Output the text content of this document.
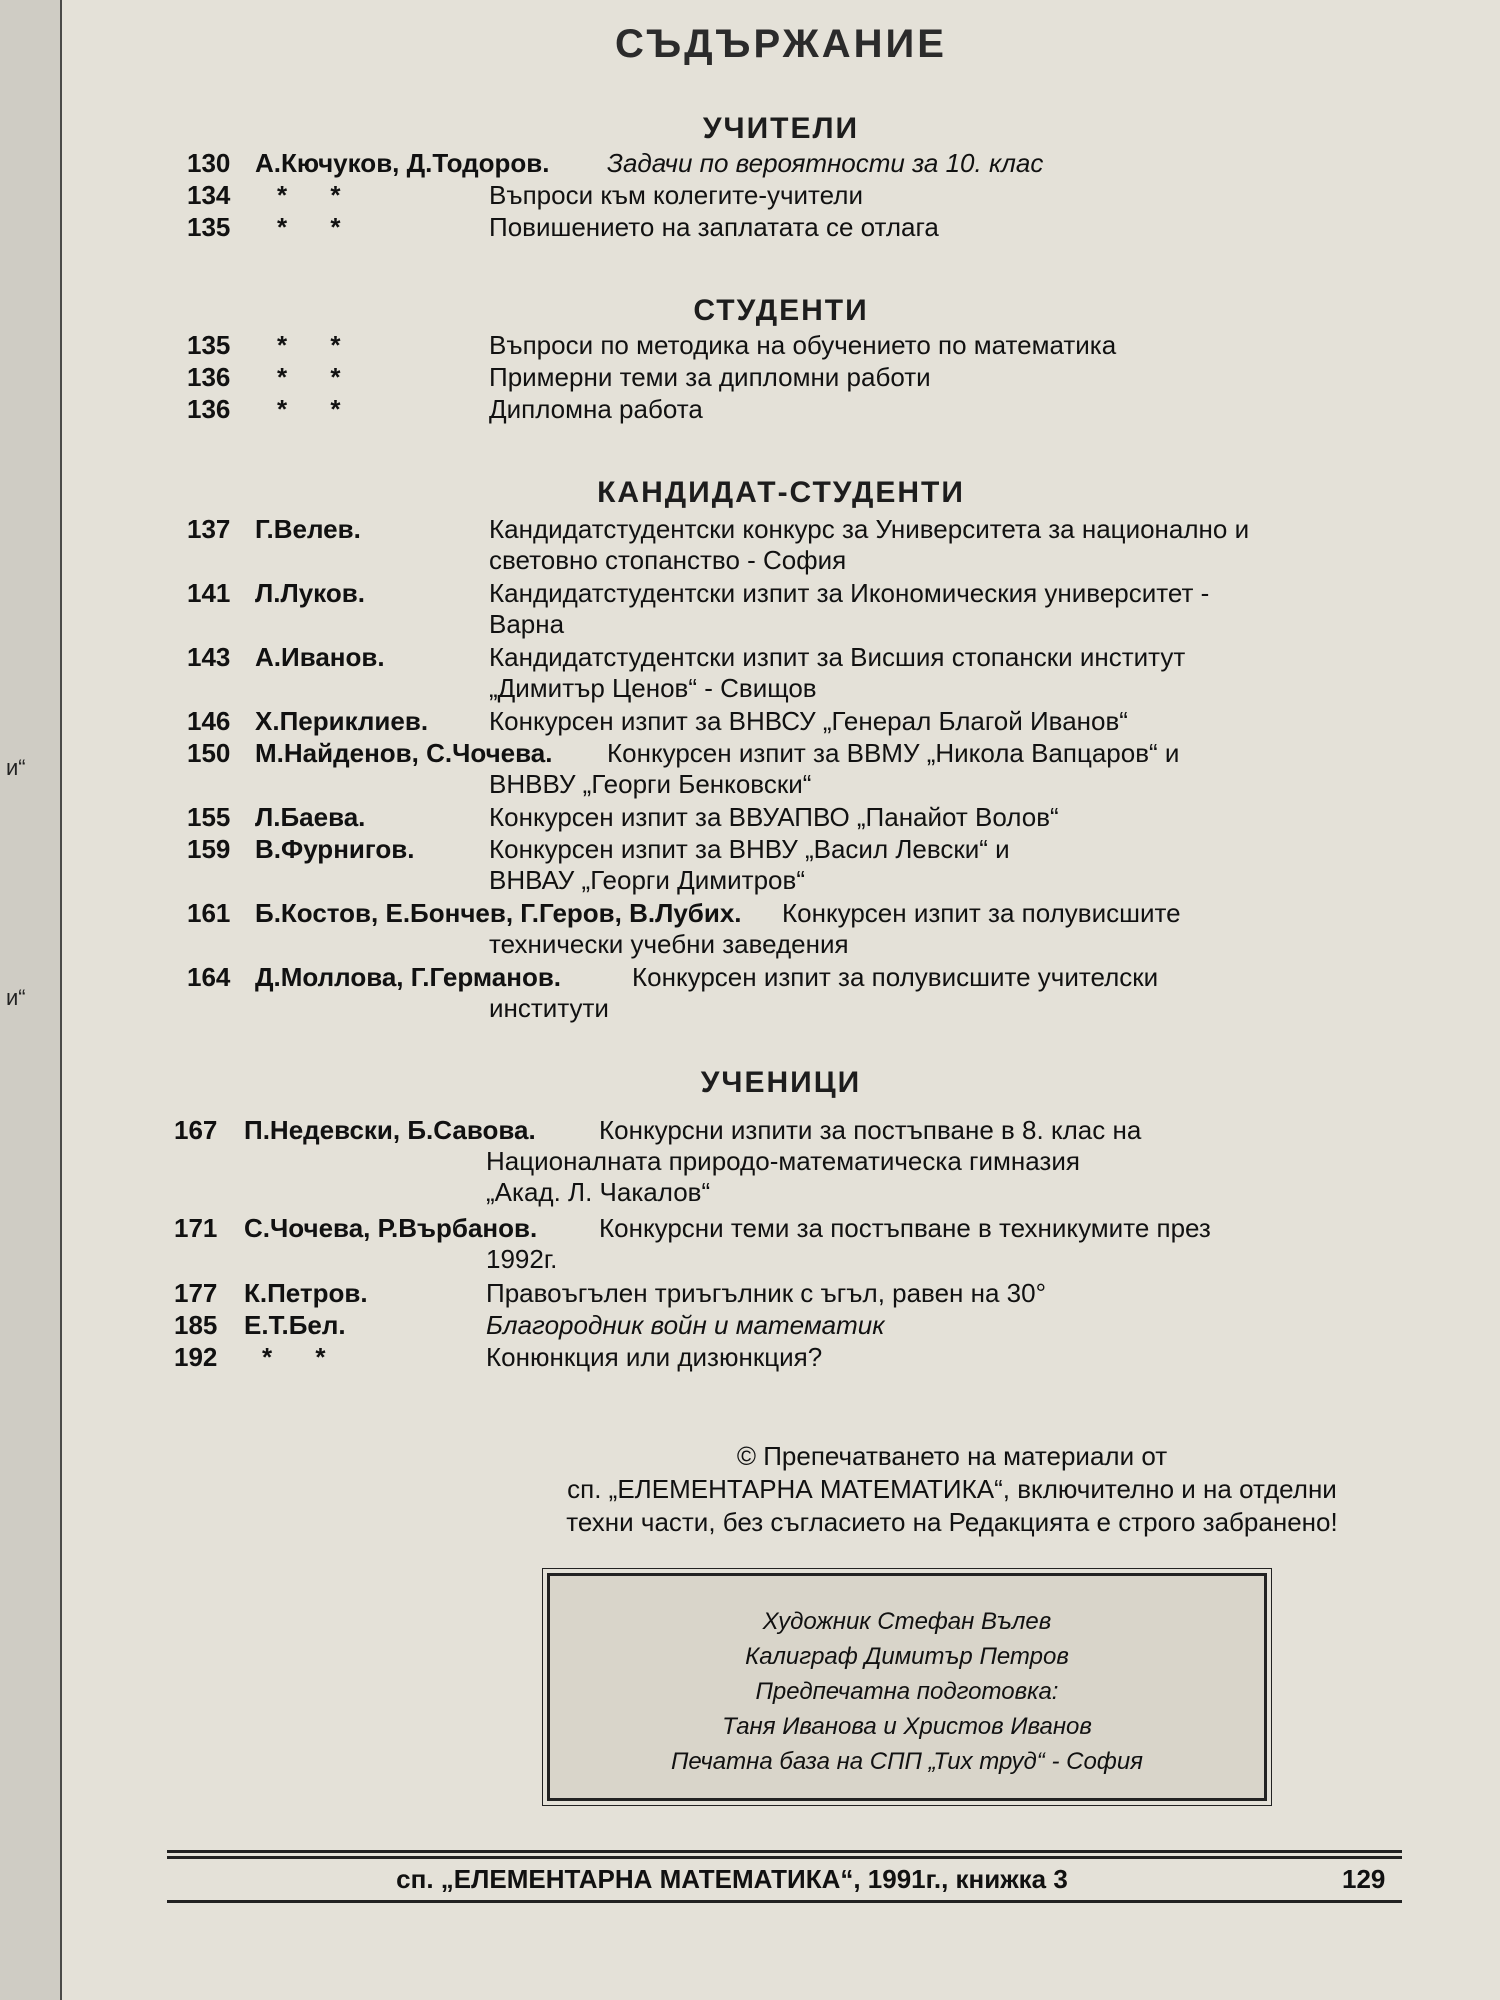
и“
и“
СЪДЪРЖАНИЕ
УЧИТЕЛИ
130 А.Кючуков, Д.Тодоров. Задачи по вероятности за 10. клас
134	* *	Въпроси към колегите-учители
135	* *	Повишението на заплатата се отлага
СТУДЕНТИ
135	* *	Въпроси по методика на обучението по математика
136	* *	Примерни теми за дипломни работи
136	* *	Дипломна работа
КАНДИДАТ-СТУДЕНТИ
137 Г.Велев.	Кандидатстудентски конкурс за Университета за национално и
световно стопанство - София
141 Л.Луков.	Кандидатстудентски изпит за Икономическия университет -
Варна
143 А.Иванов.	Кандидатстудентски изпит за Висшия стопански институт
„Димитър Ценов“ - Свищов
146 Х.Периклиев. Конкурсен изпит за ВНВСУ „Генерал Благой Иванов“
150 М.Найденов, С.Чочева. Конкурсен изпит за ВВМУ „Никола Вапцаров“ и
ВНВВУ „Георги Бенковски“
155 Л.Баева.	Конкурсен изпит за ВВУАПВО „Панайот Волов“
159 В.Фурнигов.	Конкурсен изпит за ВНВУ „Васил Левски“ и
ВНВАУ „Георги Димитров“
161 Б.Костов, Е.Бончев, Г.Геров, В.Лубих. Конкурсен изпит за полувисшите
технически учебни заведения
164 Д.Моллова, Г.Германов.	Конкурсен изпит за полувисшите учителски
институти
УЧЕНИЦИ
167	П.Недевски, Б.Савова. Конкурсни изпити за постъпване в 8. клас на
Националната природо-математическа гимназия
„Акад. Л. Чакалов“
171	С.Чочева, Р.Върбанов. Конкурсни теми за постъпване в техникумите през
1992г.
177	К.Петров.	Правоъгълен триъгълник с ъгъл, равен на 30°
185	Е.Т.Бел.	Благородник войн и математик
192	* *	Конюнкция или дизюнкция?
© Препечатването на материали от
сп. „ЕЛЕМЕНТАРНА МАТЕМАТИКА“, включително и на отделни
техни части, без съгласието на Редакцията е строго забранено!
Художник Стефан Вълев
Калиграф Димитър Петров
Предпечатна подготовка:
Таня Иванова и Христов Иванов
Печатна база на СПП „Тих труд“ - София
сп. „ЕЛЕМЕНТАРНА МАТЕМАТИКА“, 1991г., книжка 3	129
